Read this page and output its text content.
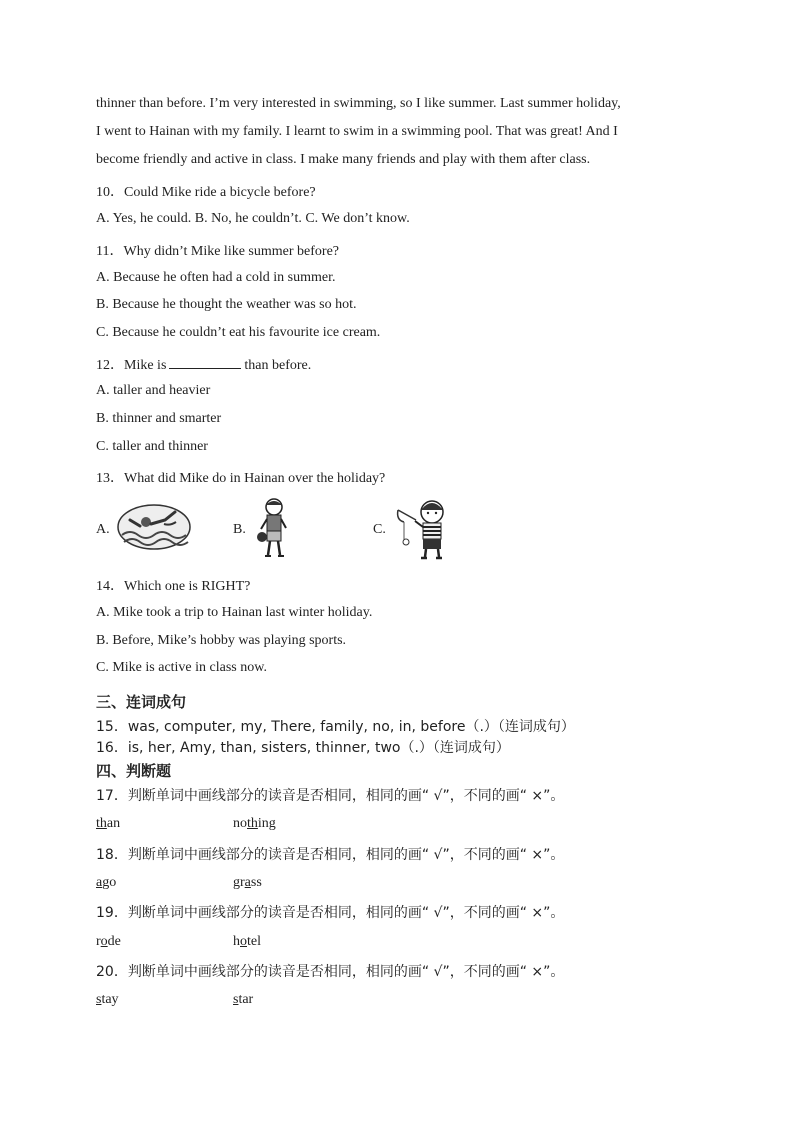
thinner than before. I’m very interested in swimming, so I like summer. Last summer holiday,
I went to Hainan with my family. I learnt to swim in a swimming pool. That was great! And I
become friendly and active in class. I make many friends and play with them after class.
10．Could Mike ride a bicycle before?
A. Yes, he could. B. No, he couldn’t. C. We don’t know.
11．Why didn’t Mike like summer before?
A. Because he often had a cold in summer.
B. Because he thought the weather was so hot.
C. Because he couldn’t eat his favourite ice cream.
12．Mike is	than before.
A. taller and heavier
B. thinner and smarter
C. taller and thinner
13．What did Mike do in Hainan over the holiday?
A.	B.	C.
14．Which one is RIGHT?
A. Mike took a trip to Hainan last winter holiday.
B. Before, Mike’s hobby was playing sports.
C. Mike is active in class now.
三、连词成句
15．was, computer, my, There, family, no, in, before（.）（连词成句）
16．is, her, Amy, than, sisters, thinner, two（.）（连词成句）
四、判断题
17．判断单词中画线部分的读音是否相同，相同的画“ √”，不同的画“ ×”。
than	nothing
18．判断单词中画线部分的读音是否相同，相同的画“ √”，不同的画“ ×”。
ago	grass
19．判断单词中画线部分的读音是否相同，相同的画“ √”，不同的画“ ×”。
rode	hotel
20．判断单词中画线部分的读音是否相同，相同的画“ √”，不同的画“ ×”。
stay	star
